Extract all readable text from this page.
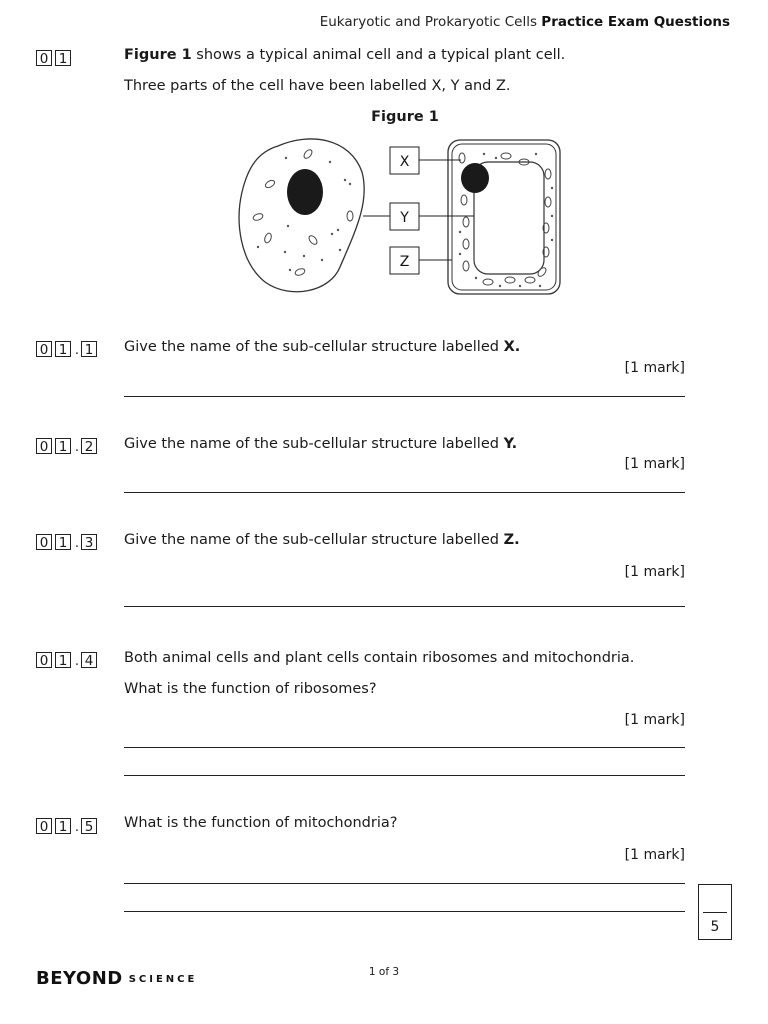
Eukaryotic and Prokaryotic Cells Practice Exam Questions
0 1	Figure 1 shows a typical animal cell and a typical plant cell.
Three parts of the cell have been labelled X, Y and Z.
Figure 1
X
Y
Z
0 1 . 1 Give the name of the sub-cellular structure labelled X.
[1 mark]
0 1 . 2 Give the name of the sub-cellular structure labelled Y.
[1 mark]
0 1 . 3 Give the name of the sub-cellular structure labelled Z.
[1 mark]
0 1 . 4 Both animal cells and plant cells contain ribosomes and mitochondria.
What is the function of ribosomes?
[1 mark]
0 1 . 5 What is the function of mitochondria?
[1 mark]
5
BEYOND SCIENCE
1 of 3
